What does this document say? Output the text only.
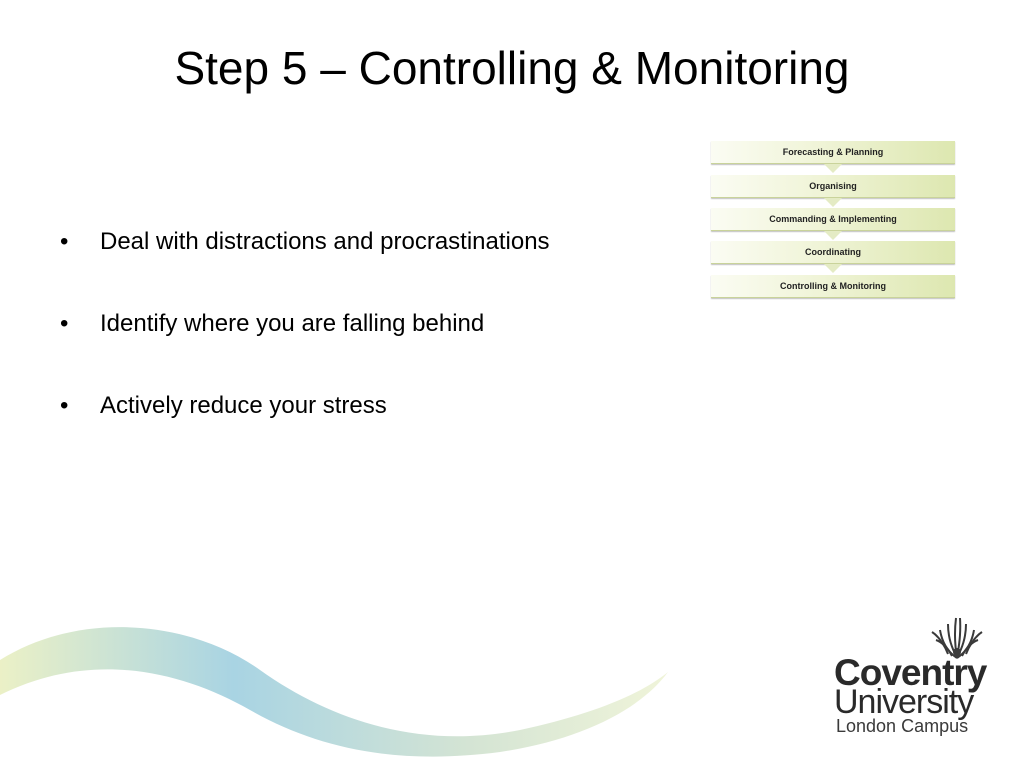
Step 5 – Controlling & Monitoring
• Deal with distractions and procrastinations
• Identify where you are falling behind
• Actively reduce your stress
Forecasting & Planning
Organising
Commanding & Implementing
Coordinating
Controlling & Monitoring
Coventry
University
London Campus
